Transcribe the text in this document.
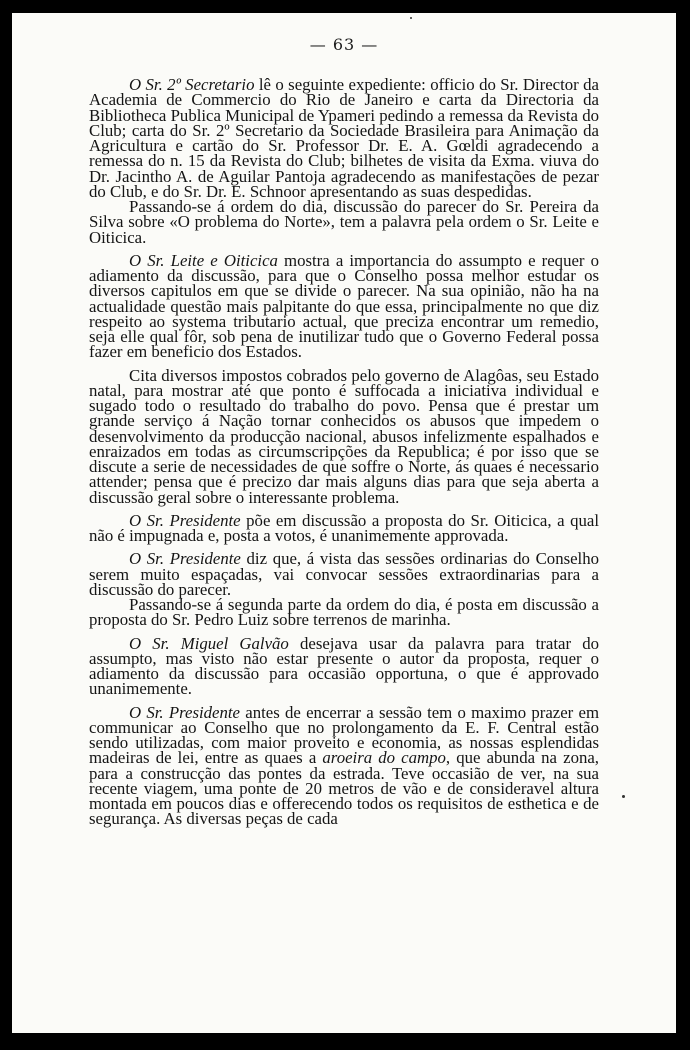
— 63 —

O Sr. 2º Secretario lê o seguinte expediente: officio do Sr. Director da Academia de Commercio do Rio de Janeiro e carta da Directoria da Bibliotheca Publica Municipal de Ypameri pedindo a remessa da Revista do Club; carta do Sr. 2º Secretario da Sociedade Brasileira para Animação da Agricultura e cartão do Sr. Professor Dr. E. A. Gœldi agradecendo a remessa do n. 15 da Revista do Club; bilhetes de visita da Exma. viuva do Dr. Jacintho A. de Aguilar Pantoja agradecendo as manifestações de pezar do Club, e do Sr. Dr. E. Schnoor apresentando as suas despedidas.

Passando-se á ordem do dia, discussão do parecer do Sr. Pereira da Silva sobre «O problema do Norte», tem a palavra pela ordem o Sr. Leite e Oiticica.

O Sr. Leite e Oiticica mostra a importancia do assumpto e requer o adiamento da discussão, para que o Conselho possa melhor estudar os diversos capitulos em que se divide o parecer. Na sua opinião, não ha na actualidade questão mais palpitante do que essa, principalmente no que diz respeito ao systema tributario actual, que preciza encontrar um remedio, seja elle qual fôr, sob pena de inutilizar tudo que o Governo Federal possa fazer em beneficio dos Estados.

Cita diversos impostos cobrados pelo governo de Alagôas, seu Estado natal, para mostrar até que ponto é suffocada a iniciativa individual e sugado todo o resultado do trabalho do povo. Pensa que é prestar um grande serviço á Nação tornar conhecidos os abusos que impedem o desenvolvimento da producção nacional, abusos infelizmente espalhados e enraizados em todas as circumscripções da Republica; é por isso que se discute a serie de necessidades de que soffre o Norte, ás quaes é necessario attender; pensa que é precizo dar mais alguns dias para que seja aberta a discussão geral sobre o interessante problema.

O Sr. Presidente põe em discussão a proposta do Sr. Oiticica, a qual não é impugnada e, posta a votos, é unanimemente approvada.

O Sr. Presidente diz que, á vista das sessões ordinarias do Conselho serem muito espaçadas, vai convocar sessões extraordinarias para a discussão do parecer.

Passando-se á segunda parte da ordem do dia, é posta em discussão a proposta do Sr. Pedro Luiz sobre terrenos de marinha.

O Sr. Miguel Galvão desejava usar da palavra para tratar do assumpto, mas visto não estar presente o autor da proposta, requer o adiamento da discussão para occasião opportuna, o que é approvado unanimemente.

O Sr. Presidente antes de encerrar a sessão tem o maximo prazer em communicar ao Conselho que no prolongamento da E. F. Central estão sendo utilizadas, com maior proveito e economia, as nossas esplendidas madeiras de lei, entre as quaes a aroeira do campo, que abunda na zona, para a construcção das pontes da estrada. Teve occasião de ver, na sua recente viagem, uma ponte de 20 metros de vão e de consideravel altura montada em poucos dias e offerecendo todos os requisitos de esthetica e de segurança. As diversas peças de cada
